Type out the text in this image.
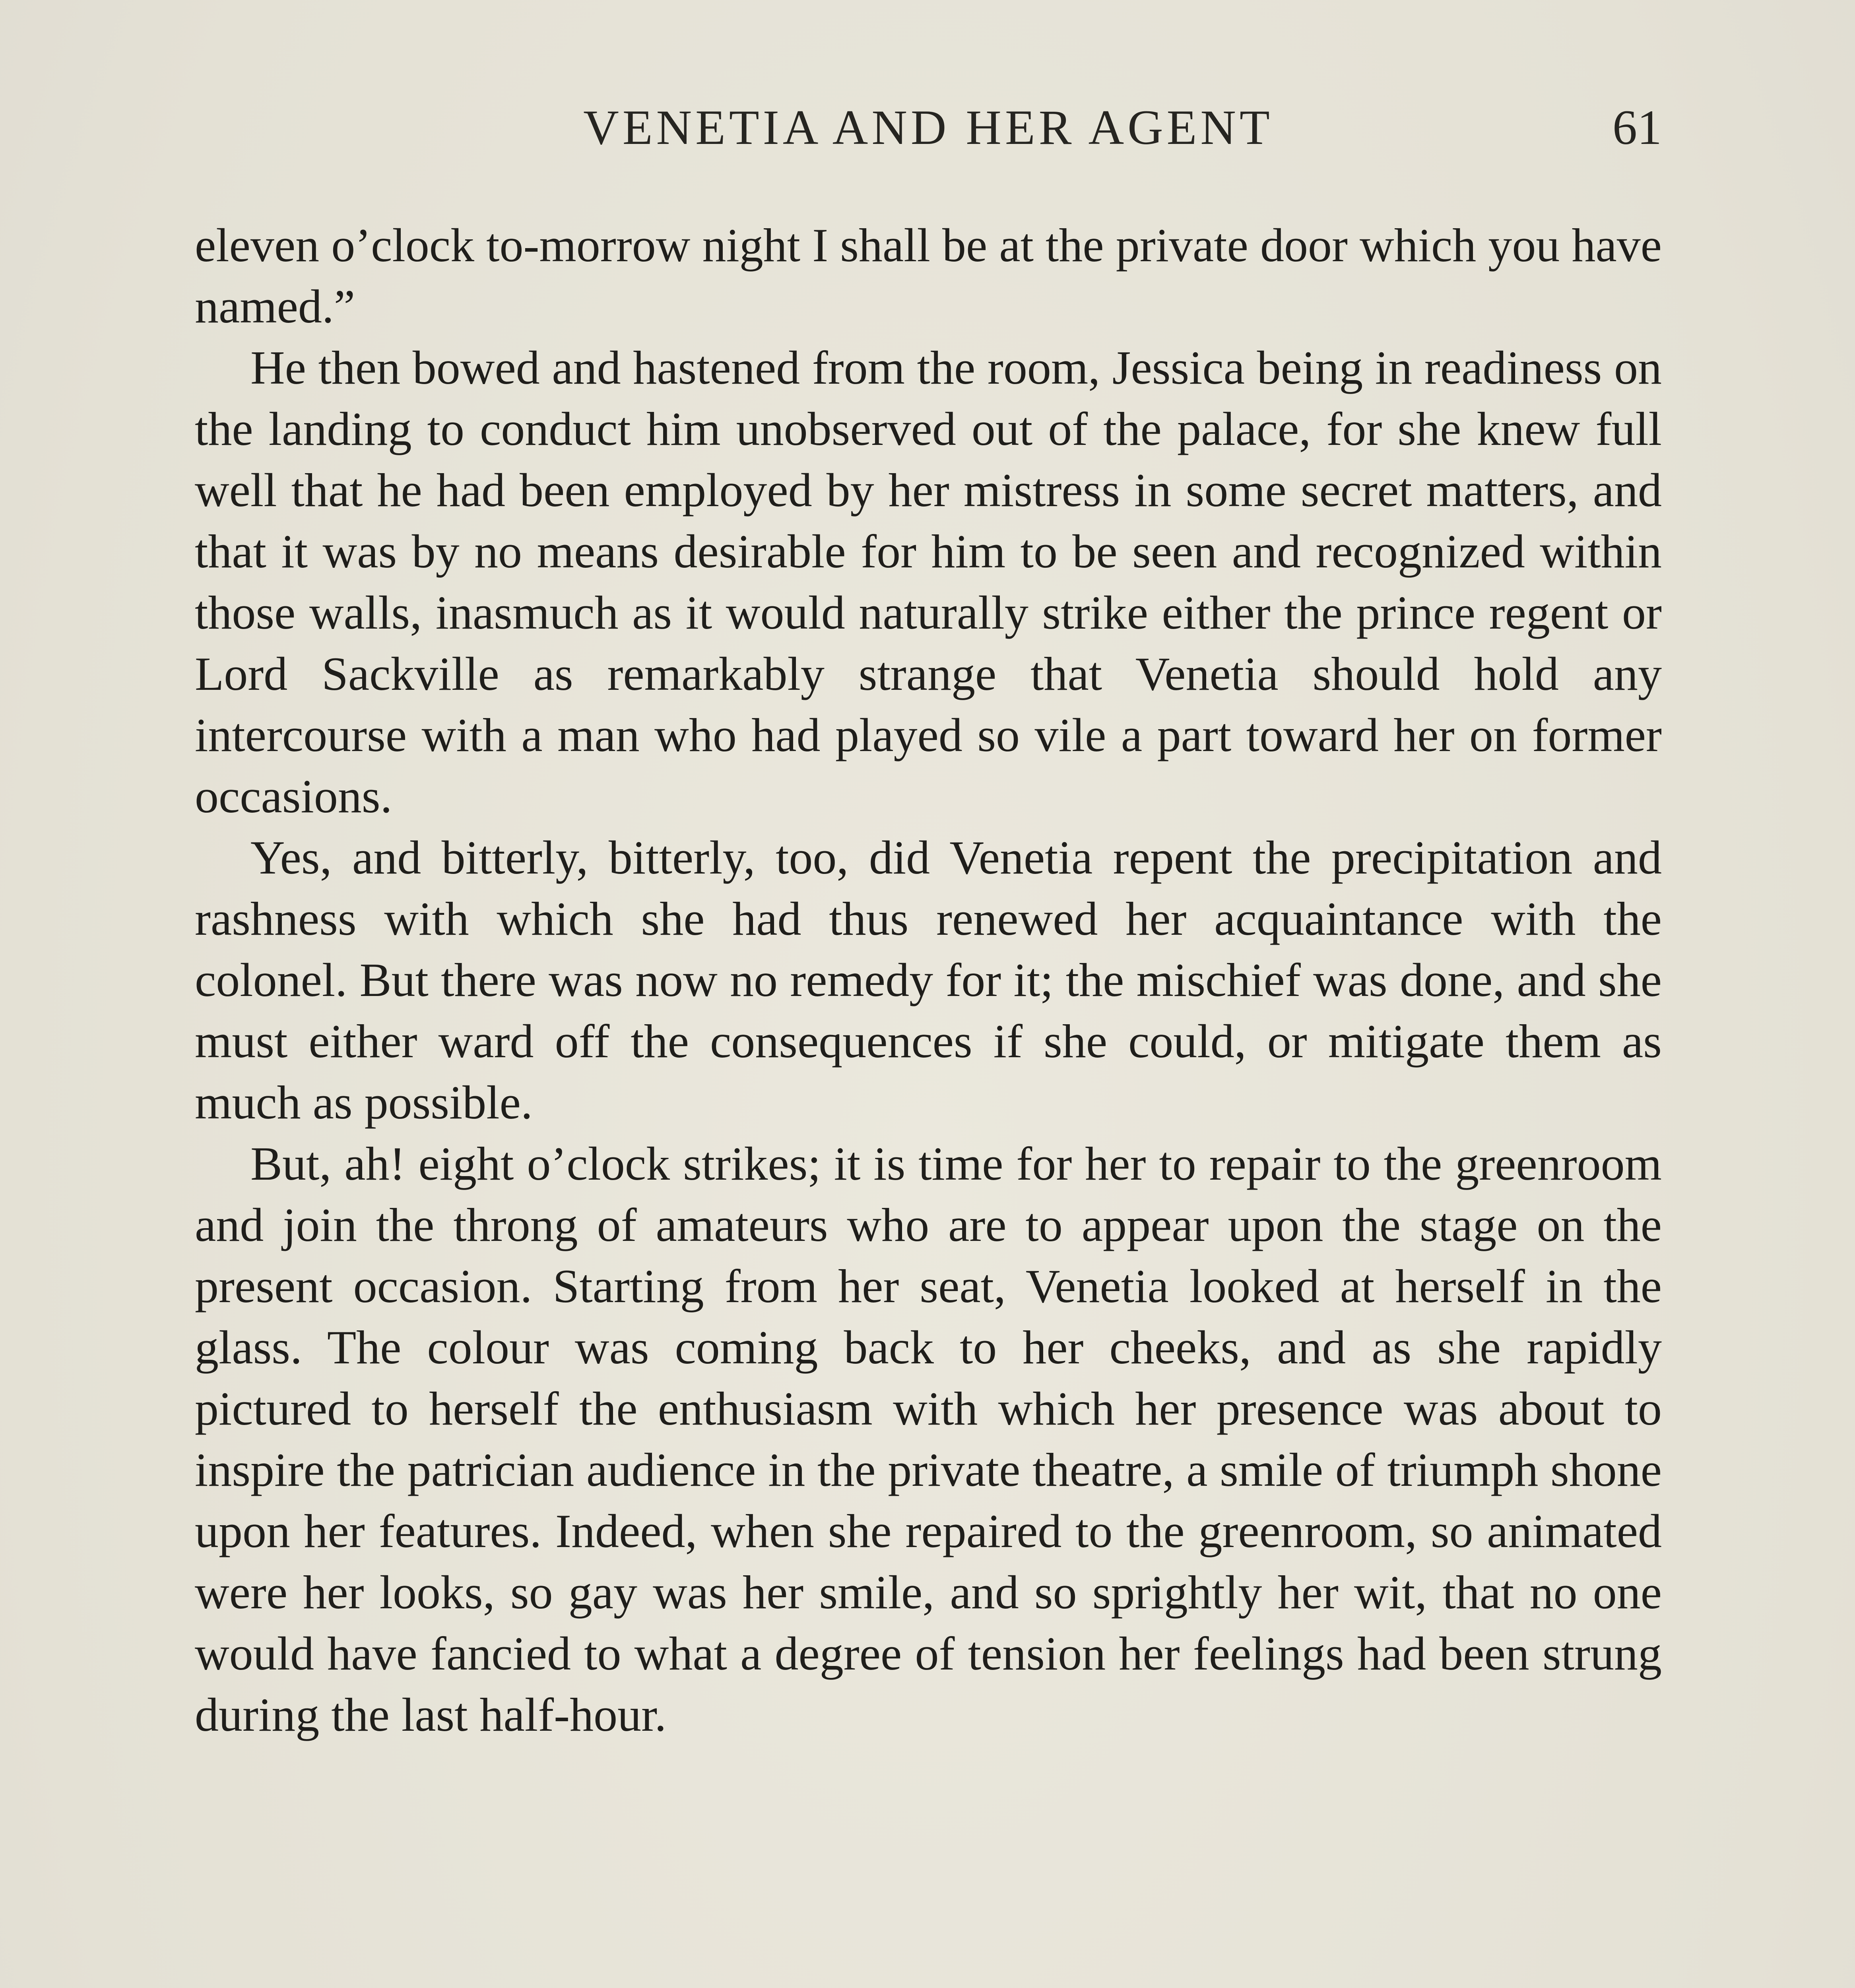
VENETIA AND HER AGENT	61

eleven o’clock to-morrow night I shall be at the private door which you have named.”

He then bowed and hastened from the room, Jessica being in readiness on the landing to conduct him unobserved out of the palace, for she knew full well that he had been employed by her mistress in some secret matters, and that it was by no means desirable for him to be seen and recognized within those walls, inasmuch as it would naturally strike either the prince regent or Lord Sackville as remarkably strange that Venetia should hold any intercourse with a man who had played so vile a part toward her on former occasions.

Yes, and bitterly, bitterly, too, did Venetia repent the precipitation and rashness with which she had thus renewed her acquaintance with the colonel. But there was now no remedy for it; the mischief was done, and she must either ward off the consequences if she could, or mitigate them as much as possible.

But, ah! eight o’clock strikes; it is time for her to repair to the greenroom and join the throng of amateurs who are to appear upon the stage on the present occasion. Starting from her seat, Venetia looked at herself in the glass. The colour was coming back to her cheeks, and as she rapidly pictured to herself the enthusiasm with which her presence was about to inspire the patrician audience in the private theatre, a smile of triumph shone upon her features. Indeed, when she repaired to the greenroom, so animated were her looks, so gay was her smile, and so sprightly her wit, that no one would have fancied to what a degree of tension her feelings had been strung during the last half-hour.
